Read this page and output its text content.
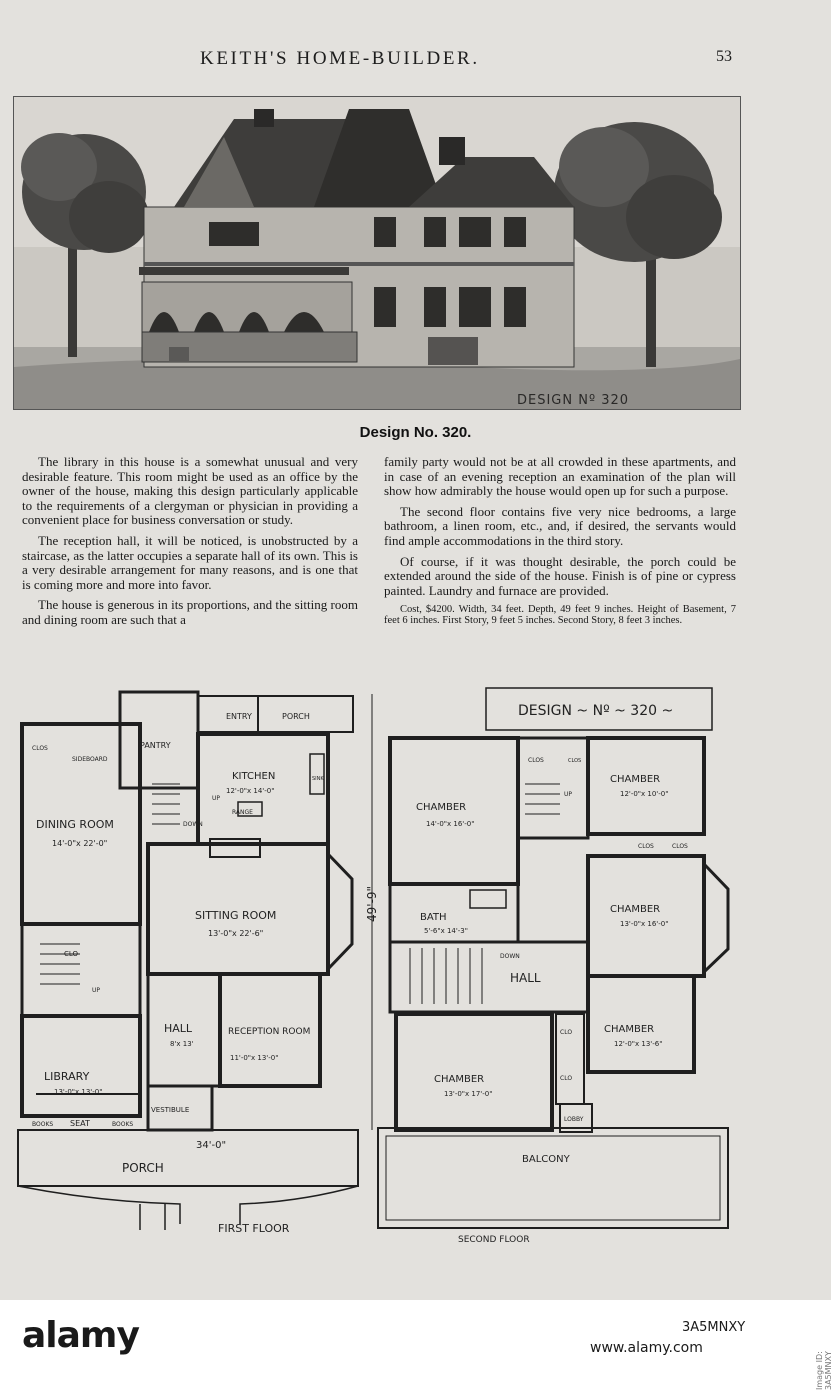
KEITH'S HOME-BUILDER.	53
DESIGN Nº 320
Design No. 320.

The library in this house is a somewhat unusual and very desirable feature. This room might be used as an office by the owner of the house, making this design particularly applicable to the requirements of a clergyman or physician in providing a convenient place for business conversation or study.

The reception hall, it will be noticed, is unobstructed by a staircase, as the latter occupies a separate hall of its own. This is a very desirable arrangement for many reasons, and is one that is coming more and more into favor.

The house is generous in its proportions, and the sitting room and dining room are such that a

family party would not be at all crowded in these apartments, and in case of an evening reception an examination of the plan will show how admirably the house would open up for such a purpose.

The second floor contains five very nice bedrooms, a large bathroom, a linen room, etc., and, if desired, the servants would find ample accommodations in the third story.

Of course, if it was thought desirable, the porch could be extended around the side of the house. Finish is of pine or cypress painted. Laundry and furnace are provided.

Cost, $4200. Width, 34 feet. Depth, 49 feet 9 inches. Height of Basement, 7 feet 6 inches. First Story, 9 feet 5 inches. Second Story, 8 feet 3 inches.

ENTRY	PORCH
PANTRY
CLOS
SIDEBOARD
KITCHEN
12'-0"x 14'-0"
RANGE
SINK
UP
DOWN
DINING ROOM
14'-0"x 22'-0"
SITTING ROOM
13'-0"x 22'-6"
CLO
UP
HALL
8'x 13'
RECEPTION ROOM
11'-0"x 13'-0"
LIBRARY
13'-0"x 13'-0"
BOOKS SEAT	BOOKS
VESTIBULE
34'-0"
PORCH
FIRST FLOOR
49'-9"
DESIGN ~ Nº ~ 320 ~
CLOS	CLOS
UP
CHAMBER
14'-0"x 16'-0"
CHAMBER
12'-0"x 10'-0"
CLOS	CLOS
BATH
5'-6"x 14'-3"
CHAMBER
13'-0"x 16'-0"
DOWN
HALL
CLO
CLO
CHAMBER
12'-0"x 13'-6"
CHAMBER
13'-0"x 17'-0"
LOBBY
BALCONY
SECOND FLOOR
alamy	3A5MNXY
www.alamy.com
Image ID: 3A5MNXY
